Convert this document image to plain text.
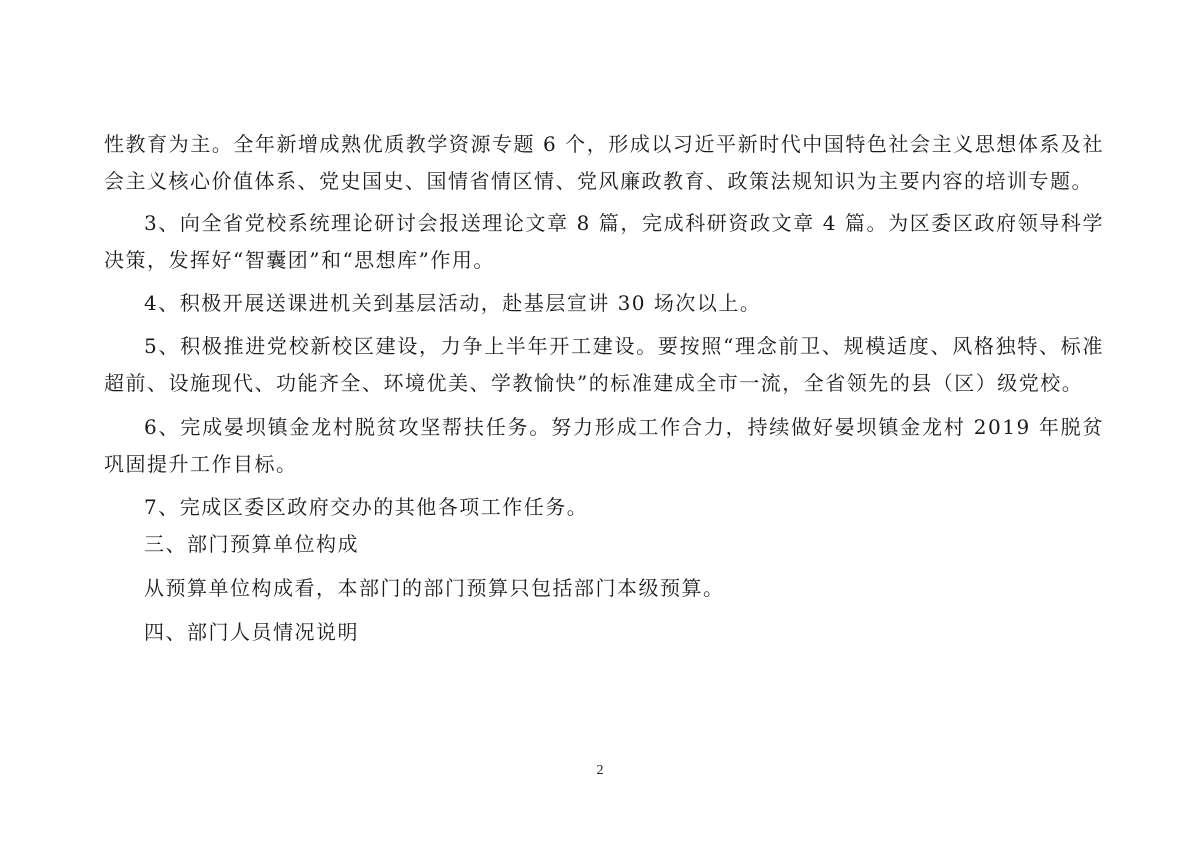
性教育为主。全年新增成熟优质教学资源专题 6 个，形成以习近平新时代中国特色社会主义思想体系及社会主义核心价值体系、党史国史、国情省情区情、党风廉政教育、政策法规知识为主要内容的培训专题。

3、向全省党校系统理论研讨会报送理论文章 8 篇，完成科研资政文章 4 篇。为区委区政府领导科学决策，发挥好“智囊团”和“思想库”作用。

4、积极开展送课进机关到基层活动，赴基层宣讲 30 场次以上。

5、积极推进党校新校区建设，力争上半年开工建设。要按照“理念前卫、规模适度、风格独特、标准超前、设施现代、功能齐全、环境优美、学教愉快”的标准建成全市一流，全省领先的县（区）级党校。

6、完成晏坝镇金龙村脱贫攻坚帮扶任务。努力形成工作合力，持续做好晏坝镇金龙村 2019 年脱贫巩固提升工作目标。

7、完成区委区政府交办的其他各项工作任务。

三、部门预算单位构成

从预算单位构成看，本部门的部门预算只包括部门本级预算。

四、部门人员情况说明

2
